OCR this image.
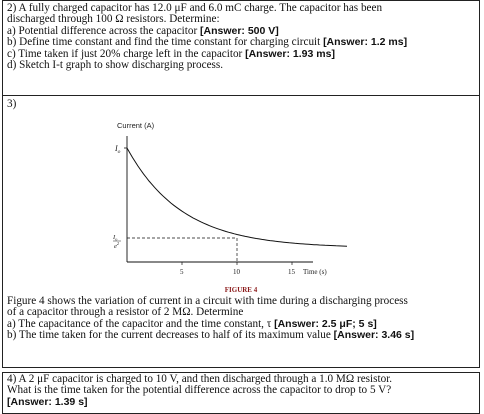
2) A fully charged capacitor has 12.0 μF and 6.0 mC charge. The capacitor has been
discharged through 100 Ω resistors. Determine:
a) Potential difference across the capacitor [Answer: 500 V]
b) Define time constant and find the time constant for charging circuit [Answer: 1.2 ms]
c) Time taken if just 20% charge left in the capacitor [Answer: 1.93 ms]
d) Sketch I-t graph to show discharging process.
3)
Current (A)
$I_o$
$I_o$
$e^2$
5	10	15 Time (s)
FIGURE 4
Figure 4 shows the variation of current in a circuit with time during a discharging process
of a capacitor through a resistor of 2 MΩ. Determine
a) The capacitance of the capacitor and the time constant, τ [Answer: 2.5 μF; 5 s]
b) The time taken for the current decreases to half of its maximum value [Answer: 3.46 s]
4) A 2 μF capacitor is charged to 10 V, and then discharged through a 1.0 MΩ resistor.
What is the time taken for the potential difference across the capacitor to drop to 5 V?
[Answer: 1.39 s]
